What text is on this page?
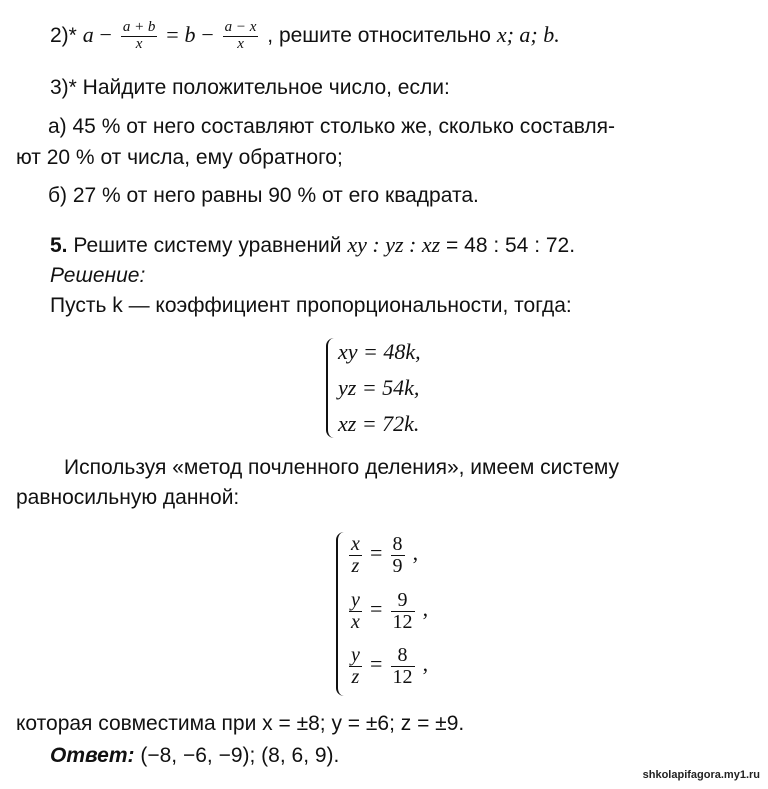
2)* $a - \frac{a + b}{x} = b - \frac{a - x}{x}$ , решите относительно x; a; b.
3)* Найдите положительное число, если:
а) 45 % от него составляют столько же, сколько составля-
ют 20 % от числа, ему обратного;
б) 27 % от него равны 90 % от его квадрата.
5. Решите систему уравнений xy : yz : xz = 48 : 54 : 72.
Решение:
Пусть k — коэффициент пропорциональности, тогда:
xy = 48k,
yz = 54k,
xz = 72k.
Используя «метод почленного деления», имеем систему
равносильную данной:
$\frac{x}{z} = \frac{8}{9}$ ,
$\frac{y}{x} = \frac{9}{12}$ ,
$\frac{y}{z} = \frac{8}{12}$ ,
которая совместима при x = ±8; y = ±6; z = ±9.
Ответ: (−8, −6, −9); (8, 6, 9).
shkolapifagora.my1.ru
